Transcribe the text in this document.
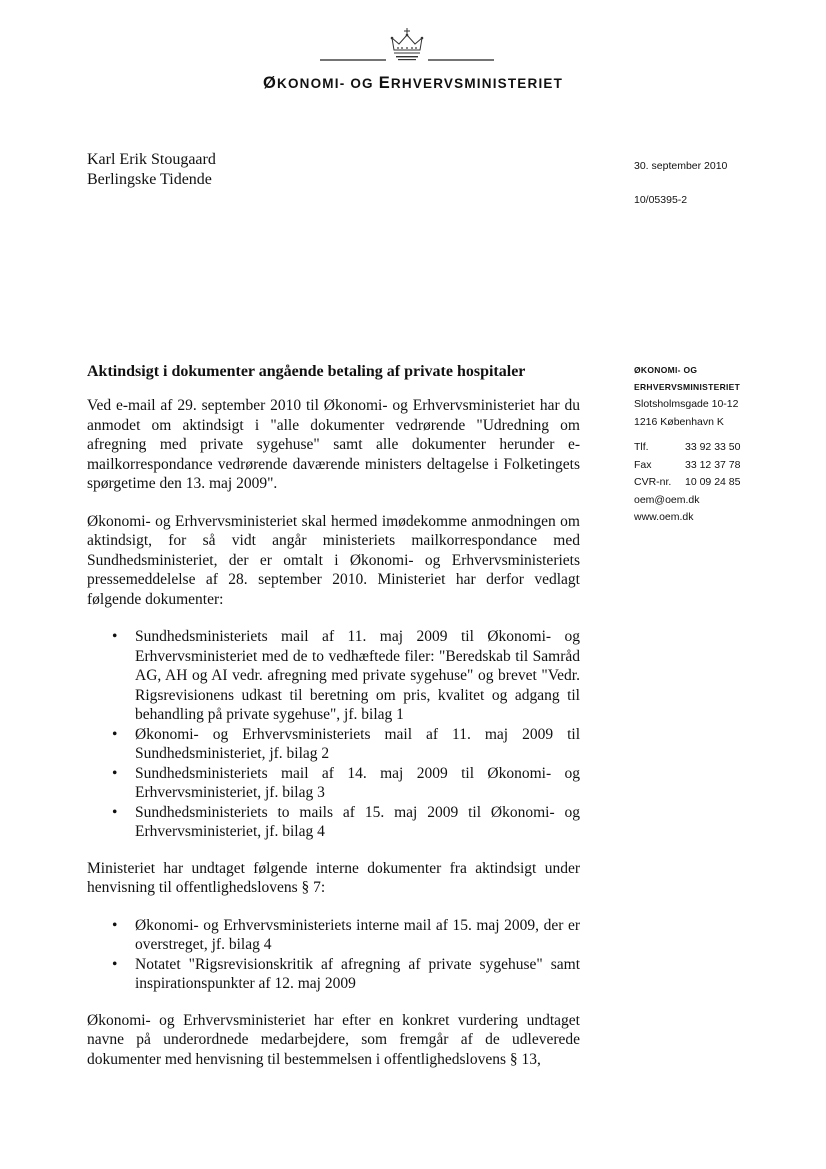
ØKONOMI- OG ERHVERVSMINISTERIET
Karl Erik Stougaard
Berlingske Tidende
30. september 2010
10/05395-2
ØKONOMI- OG
ERHVERVSMINISTERIET
Slotsholmsgade 10-12
1216 København K
Tlf.	33 92 33 50
Fax	33 12 37 78
CVR-nr. 10 09 24 85
oem@oem.dk
www.oem.dk
Aktindsigt i dokumenter angående betaling af private hospitaler

Ved e-mail af 29. september 2010 til Økonomi- og Erhvervsministeriet har du anmodet om aktindsigt i "alle dokumenter vedrørende "Udredning om afregning med private sygehuse" samt alle dokumenter herunder e-mailkorrespondance vedrørende daværende ministers deltagelse i Folketingets spørgetime den 13. maj 2009".

Økonomi- og Erhvervsministeriet skal hermed imødekomme anmodningen om aktindsigt, for så vidt angår ministeriets mailkorrespondance med Sundhedsministeriet, der er omtalt i Økonomi- og Erhvervsministeriets pressemeddelelse af 28. september 2010. Ministeriet har derfor vedlagt følgende dokumenter:

• Sundhedsministeriets mail af 11. maj 2009 til Økonomi- og Erhvervsministeriet med de to vedhæftede filer: "Beredskab til Samråd AG, AH og AI vedr. afregning med private sygehuse" og brevet "Vedr. Rigsrevisionens udkast til beretning om pris, kvalitet og adgang til behandling på private sygehuse", jf. bilag 1
• Økonomi- og Erhvervsministeriets mail af 11. maj 2009 til Sundhedsministeriet, jf. bilag 2
• Sundhedsministeriets mail af 14. maj 2009 til Økonomi- og Erhvervsministeriet, jf. bilag 3
• Sundhedsministeriets to mails af 15. maj 2009 til Økonomi- og Erhvervsministeriet, jf. bilag 4

Ministeriet har undtaget følgende interne dokumenter fra aktindsigt under henvisning til offentlighedslovens § 7:

• Økonomi- og Erhvervsministeriets interne mail af 15. maj 2009, der er overstreget, jf. bilag 4
• Notatet "Rigsrevisionskritik af afregning af private sygehuse" samt inspirationspunkter af 12. maj 2009

Økonomi- og Erhvervsministeriet har efter en konkret vurdering undtaget navne på underordnede medarbejdere, som fremgår af de udleverede dokumenter med henvisning til bestemmelsen i offentlighedslovens § 13,
